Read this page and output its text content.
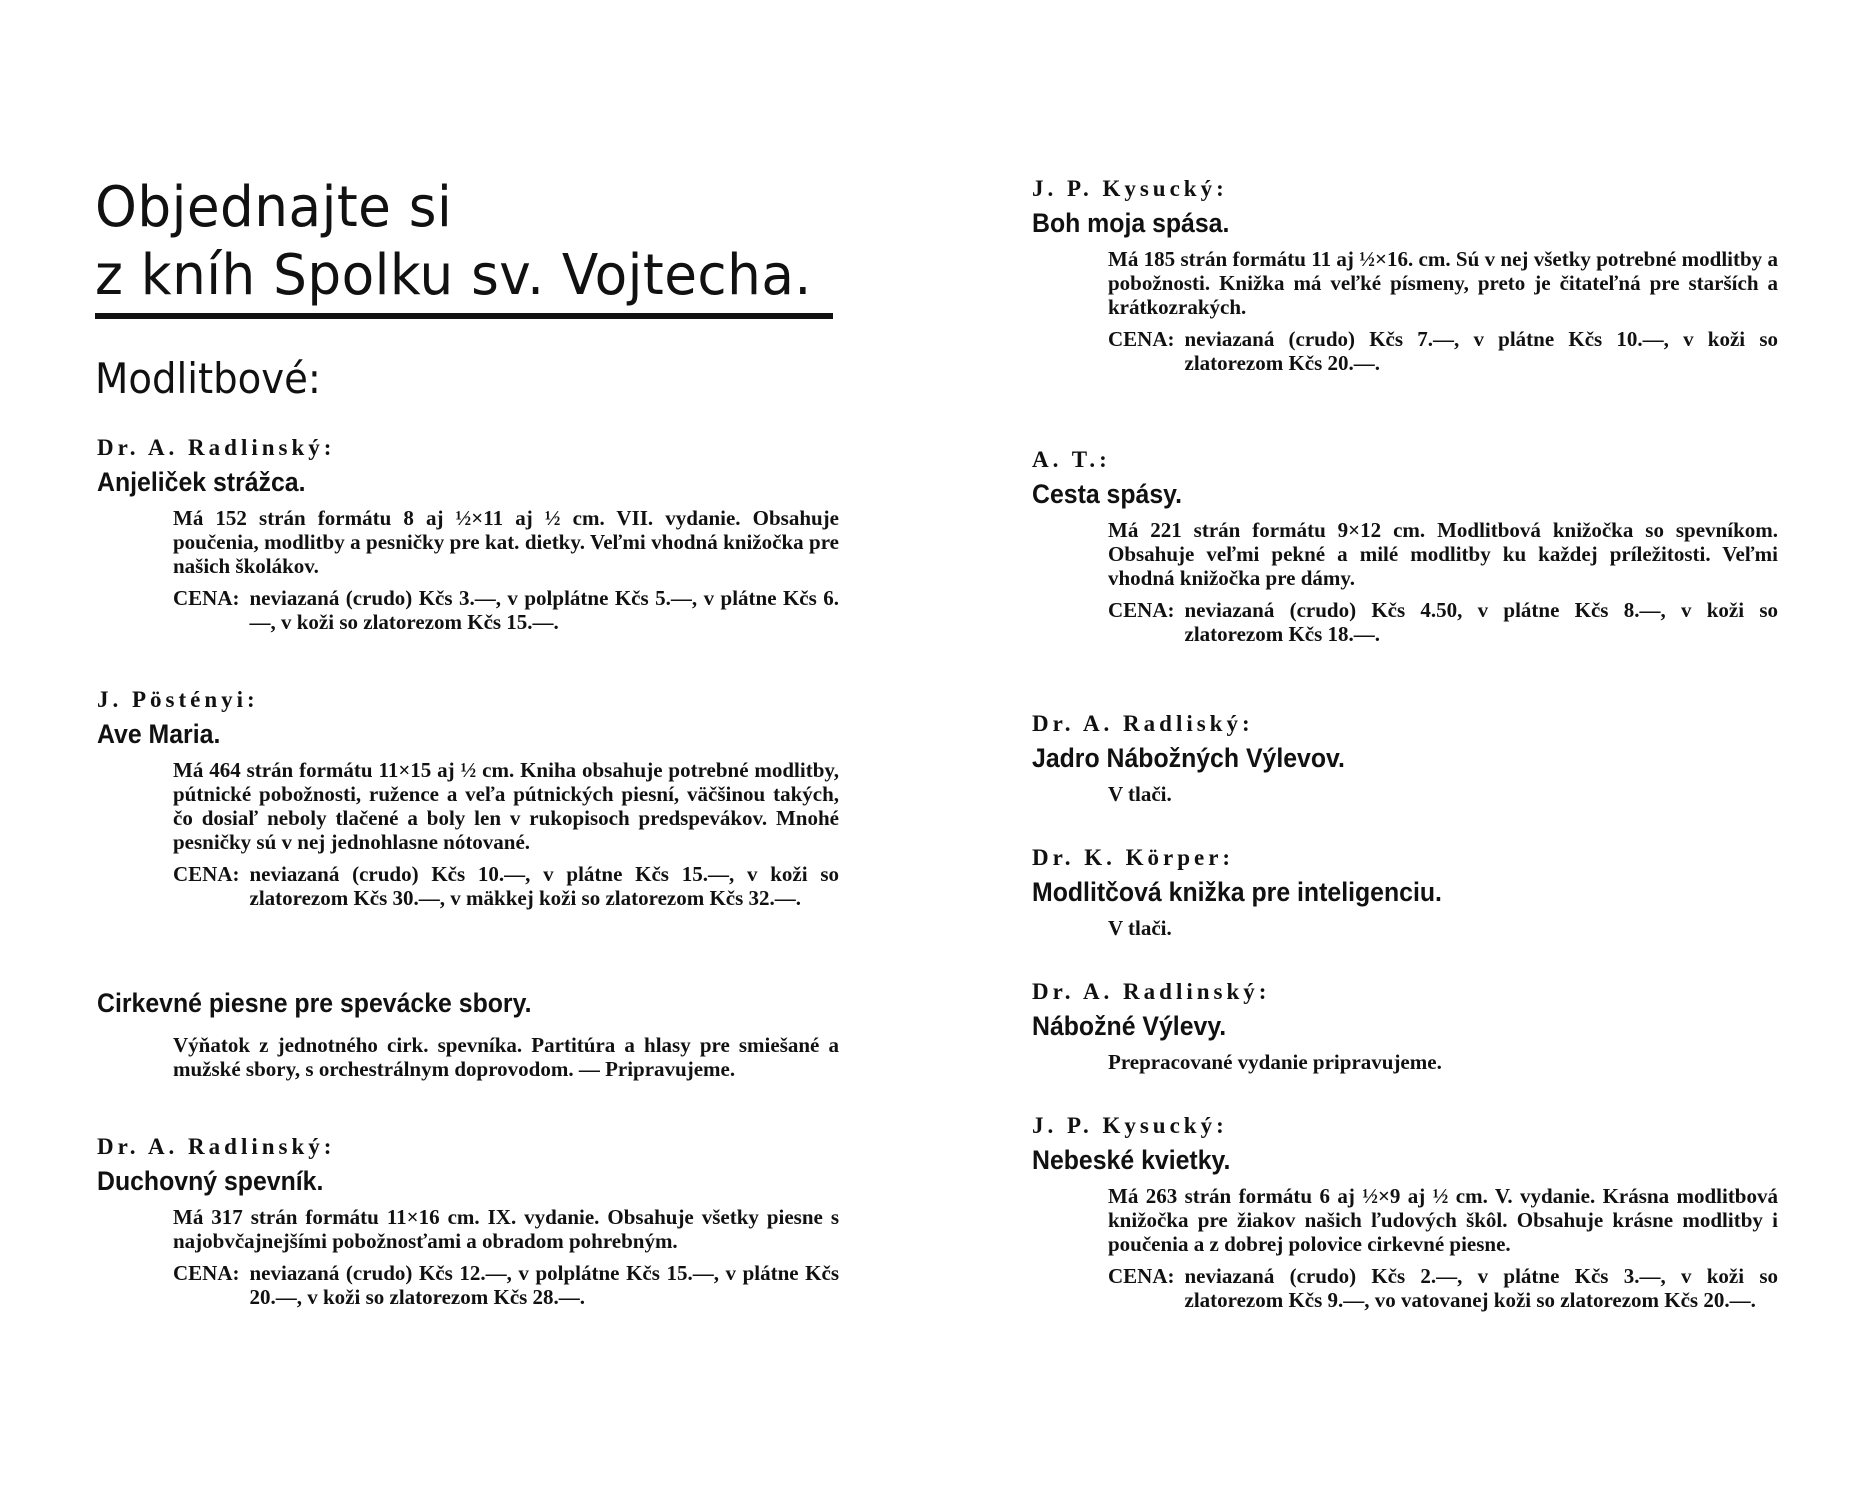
Objednajte si
z kníh Spolku sv. Vojtecha.
Modlitbové:
Dr. A. Radlinský:
Anjeliček strážca.
Má 152 strán formátu 8 aj ½×11 aj ½ cm. VII. vydanie. Obsahuje poučenia, modlitby a pesničky pre kat. dietky. Veľmi vhodná knižočka pre našich školákov.
CENA: neviazaná (crudo) Kčs 3.—, v polplátne Kčs 5.—, v plátne Kčs 6.—, v koži so zlatorezom Kčs 15.—.
J. Pöstényi:
Ave Maria.
Má 464 strán formátu 11×15 aj ½ cm. Kniha obsahuje potrebné modlitby, pútnické pobožnosti, ružence a veľa pútnických piesní, väčšinou takých, čo dosiaľ neboly tlačené a boly len v rukopisoch predspevákov. Mnohé pesničky sú v nej jednohlasne nótované.
CENA: neviazaná (crudo) Kčs 10.—, v plátne Kčs 15.—, v koži so zlatorezom Kčs 30.—, v mäkkej koži so zlatorezom Kčs 32.—.
Cirkevné piesne pre spevácke sbory.
Výňatok z jednotného cirk. spevníka. Partitúra a hlasy pre smiešané a mužské sbory, s orchestrálnym doprovodom. — Pripravujeme.
Dr. A. Radlinský:
Duchovný spevník.
Má 317 strán formátu 11×16 cm. IX. vydanie. Obsahuje všetky piesne s najobvčajnejšími pobožnosťami a obradom pohrebným.
CENA: neviazaná (crudo) Kčs 12.—, v polplátne Kčs 15.—, v plátne Kčs 20.—, v koži so zlatorezom Kčs 28.—.
J. P. Kysucký:
Boh moja spása.
Má 185 strán formátu 11 aj ½×16. cm. Sú v nej všetky potrebné modlitby a pobožnosti. Knižka má veľké písmeny, preto je čitateľná pre starších a krátkozrakých.
CENA: neviazaná (crudo) Kčs 7.—, v plátne Kčs 10.—, v koži so zlatorezom Kčs 20.—.
A. T.:
Cesta spásy.
Má 221 strán formátu 9×12 cm. Modlitbová knižočka so spevníkom. Obsahuje veľmi pekné a milé modlitby ku každej príležitosti. Veľmi vhodná knižočka pre dámy.
CENA: neviazaná (crudo) Kčs 4.50, v plátne Kčs 8.—, v koži so zlatorezom Kčs 18.—.
Dr. A. Radliský:
Jadro Nábožných Výlevov.
V tlači.
Dr. K. Körper:
Modlitčová knižka pre inteligenciu.
V tlači.
Dr. A. Radlinský:
Nábožné Výlevy.
Prepracované vydanie pripravujeme.
J. P. Kysucký:
Nebeské kvietky.
Má 263 strán formátu 6 aj ½×9 aj ½ cm. V. vydanie. Krásna modlitbová knižočka pre žiakov našich ľudových škôl. Obsahuje krásne modlitby i poučenia a z dobrej polovice cirkevné piesne.
CENA: neviazaná (crudo) Kčs 2.—, v plátne Kčs 3.—, v koži so zlatorezom Kčs 9.—, vo vatovanej koži so zlatorezom Kčs 20.—.
